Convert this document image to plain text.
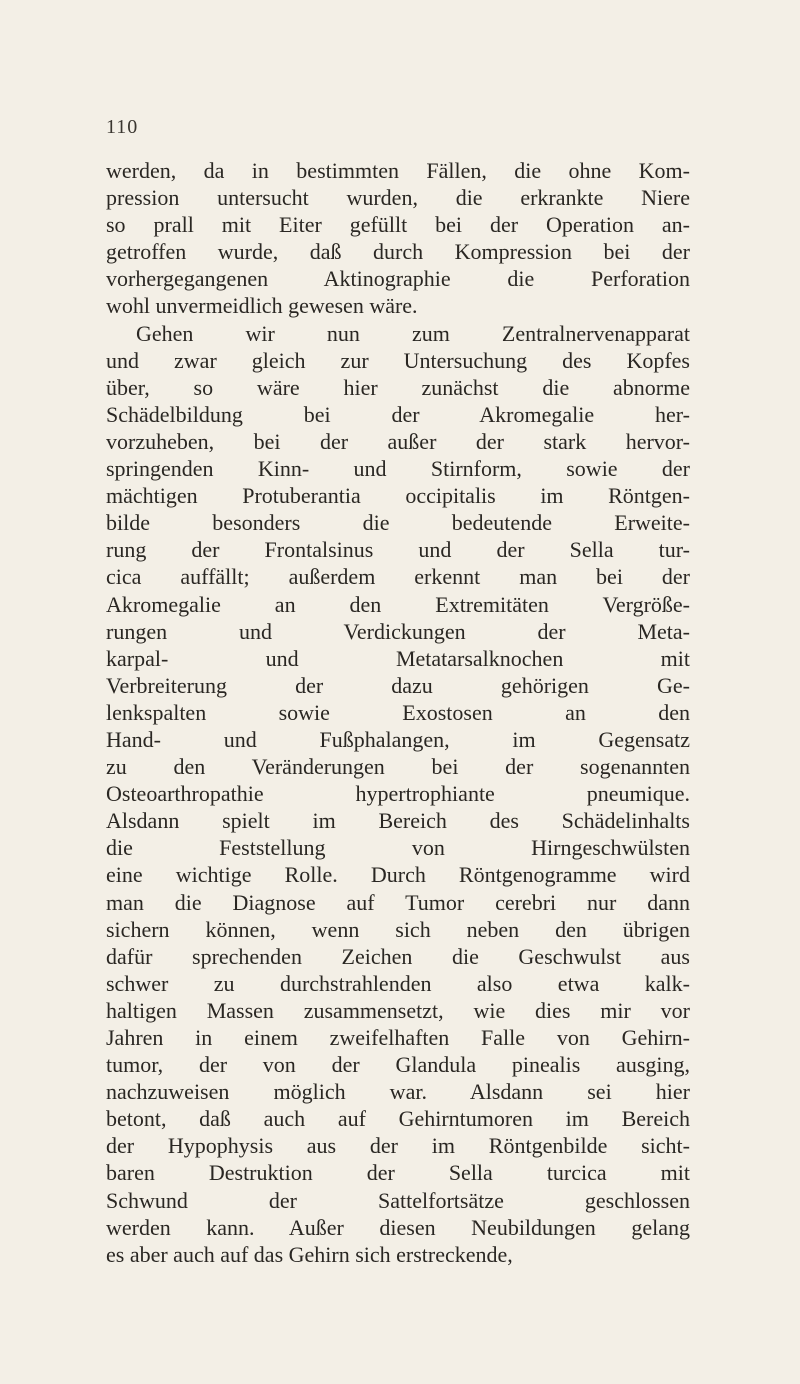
110
werden, da in bestimmten Fällen, die ohne Kom-
pression untersucht wurden, die erkrankte Niere
so prall mit Eiter gefüllt bei der Operation an-
getroffen wurde, daß durch Kompression bei der
vorhergegangenen Aktinographie die Perforation
wohl unvermeidlich gewesen wäre.
Gehen wir nun zum Zentralnervenapparat
und zwar gleich zur Untersuchung des Kopfes
über, so wäre hier zunächst die abnorme
Schädelbildung bei der Akromegalie her-
vorzuheben, bei der außer der stark hervor-
springenden Kinn- und Stirnform, sowie der
mächtigen Protuberantia occipitalis im Röntgen-
bilde besonders die bedeutende Erweite-
rung der Frontalsinus und der Sella tur-
cica auffällt; außerdem erkennt man bei der
Akromegalie an den Extremitäten Vergröße-
rungen und Verdickungen der Meta-
karpal- und Metatarsalknochen mit
Verbreiterung der dazu gehörigen Ge-
lenkspalten sowie Exostosen an den
Hand- und Fußphalangen, im Gegensatz
zu den Veränderungen bei der sogenannten
Osteoarthropathie hypertrophiante pneumique.
Alsdann spielt im Bereich des Schädelinhalts
die Feststellung von Hirngeschwülsten
eine wichtige Rolle. Durch Röntgenogramme wird
man die Diagnose auf Tumor cerebri nur dann
sichern können, wenn sich neben den übrigen
dafür sprechenden Zeichen die Geschwulst aus
schwer zu durchstrahlenden also etwa kalk-
haltigen Massen zusammensetzt, wie dies mir vor
Jahren in einem zweifelhaften Falle von Gehirn-
tumor, der von der Glandula pinealis ausging,
nachzuweisen möglich war. Alsdann sei hier
betont, daß auch auf Gehirntumoren im Bereich
der Hypophysis aus der im Röntgenbilde sicht-
baren Destruktion der Sella turcica mit
Schwund der Sattelfortsätze geschlossen
werden kann. Außer diesen Neubildungen gelang
es aber auch auf das Gehirn sich erstreckende,
